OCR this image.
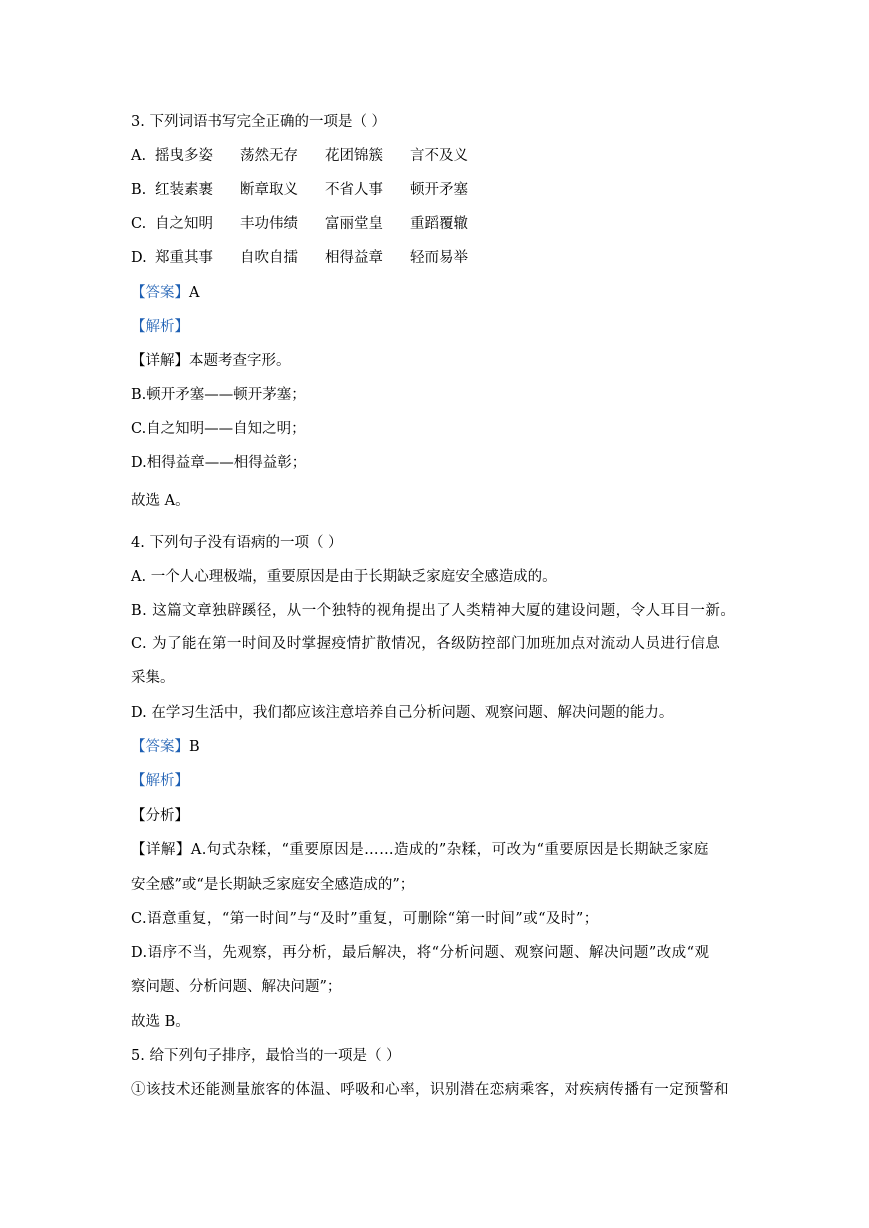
3. 下列词语书写完全正确的一项是（ ）
A. 摇曳多姿 荡然无存 花团锦簇 言不及义
B. 红装素裹 断章取义 不省人事 顿开矛塞
C. 自之知明 丰功伟绩 富丽堂皇 重蹈覆辙
D. 郑重其事 自吹自擂 相得益章 轻而易举
【答案】A
【解析】
【详解】本题考查字形。
B.顿开矛塞——顿开茅塞；
C.自之知明——自知之明；
D.相得益章——相得益彰；
故选 A。
4. 下列句子没有语病的一项（ ）
A. 一个人心理极端，重要原因是由于长期缺乏家庭安全感造成的。
B. 这篇文章独辟蹊径，从一个独特的视角提出了人类精神大厦的建设问题，令人耳目一新。
C. 为了能在第一时间及时掌握疫情扩散情况，各级防控部门加班加点对流动人员进行信息
采集。
D. 在学习生活中，我们都应该注意培养自己分析问题、观察问题、解决问题的能力。
【答案】B
【解析】
【分析】
【详解】A.句式杂糅，“重要原因是……造成的”杂糅，可改为“重要原因是长期缺乏家庭
安全感”或“是长期缺乏家庭安全感造成的”；
C.语意重复，“第一时间”与“及时”重复，可删除“第一时间”或“及时”；
D.语序不当，先观察，再分析，最后解决，将“分析问题、观察问题、解决问题”改成“观
察问题、分析问题、解决问题”；
故选 B。
5. 给下列句子排序，最恰当的一项是（ ）
①该技术还能测量旅客的体温、呼吸和心率，识别潜在恋病乘客，对疾病传播有一定预警和
